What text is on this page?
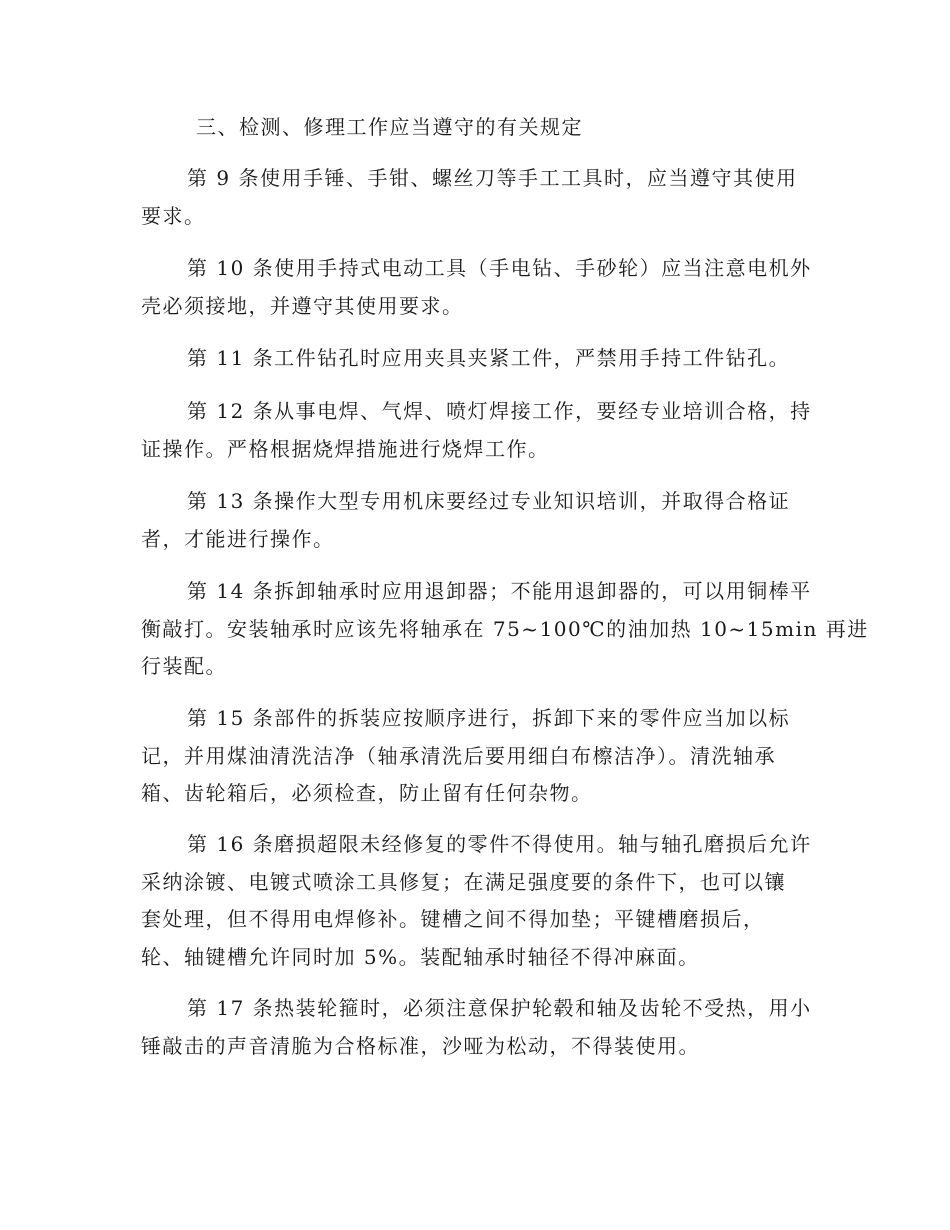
三、检测、修理工作应当遵守的有关规定
第 9 条使用手锤、手钳、螺丝刀等手工工具时，应当遵守其使用
要求。
第 10 条使用手持式电动工具（手电钻、手砂轮）应当注意电机外
壳必须接地，并遵守其使用要求。
第 11 条工件钻孔时应用夹具夹紧工件，严禁用手持工件钻孔。
第 12 条从事电焊、气焊、喷灯焊接工作，要经专业培训合格，持
证操作。严格根据烧焊措施进行烧焊工作。
第 13 条操作大型专用机床要经过专业知识培训，并取得合格证
者，才能进行操作。
第 14 条拆卸轴承时应用退卸器；不能用退卸器的，可以用铜棒平
衡敲打。安装轴承时应该先将轴承在 75~100℃的油加热 10~15min 再进
行装配。
第 15 条部件的拆装应按顺序进行，拆卸下来的零件应当加以标
记，并用煤油清洗洁净（轴承清洗后要用细白布檫洁净）。清洗轴承
箱、齿轮箱后，必须检查，防止留有任何杂物。
第 16 条磨损超限未经修复的零件不得使用。轴与轴孔磨损后允许
采纳涂镀、电镀式喷涂工具修复；在满足强度要的条件下，也可以镶
套处理，但不得用电焊修补。键槽之间不得加垫；平键槽磨损后，
轮、轴键槽允许同时加 5%。装配轴承时轴径不得冲麻面。
第 17 条热装轮箍时，必须注意保护轮毂和轴及齿轮不受热，用小
锤敲击的声音清脆为合格标准，沙哑为松动，不得装使用。
